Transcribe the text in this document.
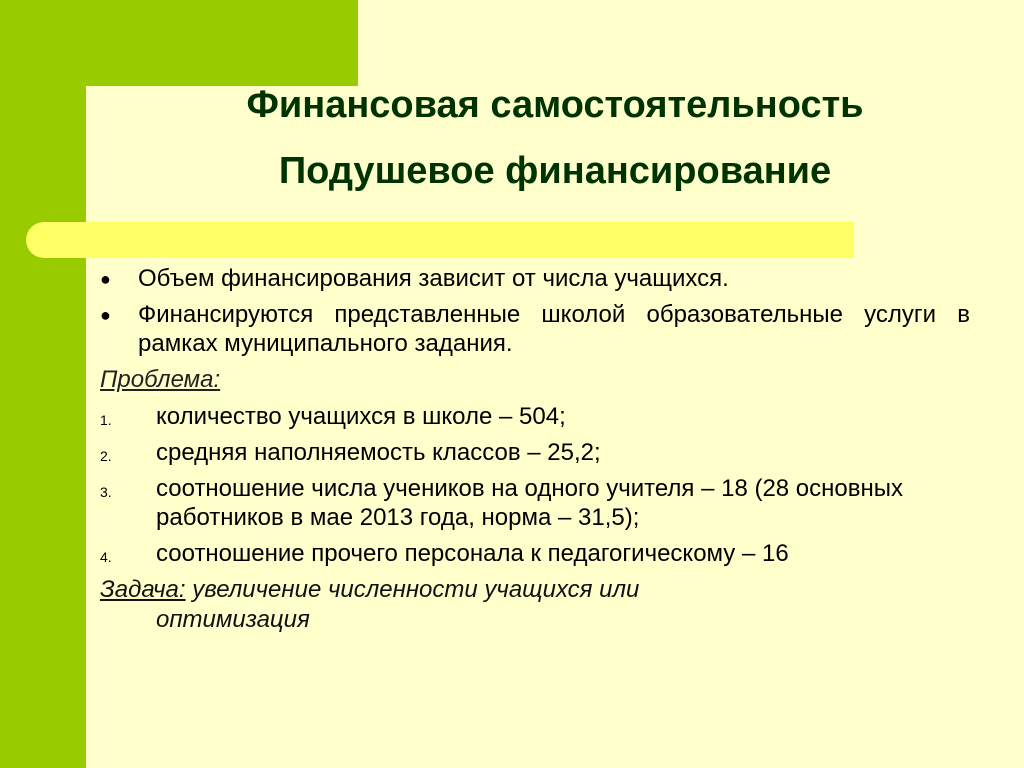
Финансовая самостоятельность
Подушевое финансирование
● Объем финансирования зависит от числа учащихся.
● Финансируются представленные школой образовательные услуги в рамках муниципального задания.
Проблема:
1. количество учащихся в школе – 504;
2. средняя наполняемость классов – 25,2;
3. соотношение числа учеников на одного учителя – 18 (28 основных работников в мае 2013 года, норма – 31,5);
4. соотношение прочего персонала к педагогическому – 16
Задача: увеличение численности учащихся или
оптимизация
